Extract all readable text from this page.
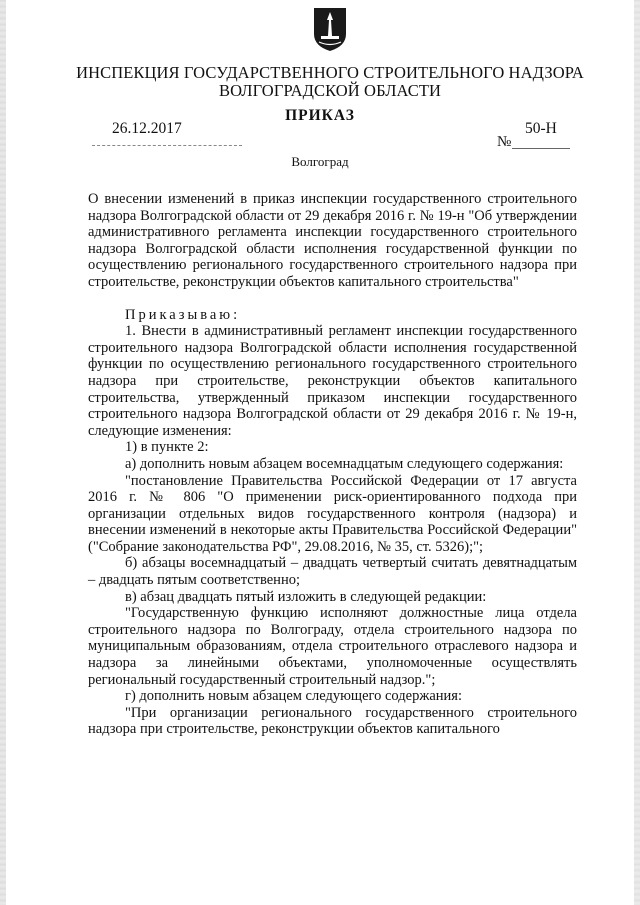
ИНСПЕКЦИЯ ГОСУДАРСТВЕННОГО СТРОИТЕЛЬНОГО НАДЗОРА
ВОЛГОГРАДСКОЙ ОБЛАСТИ
ПРИКАЗ
26.12.2017	50-Н
№
Волгоград

О внесении изменений в приказ инспекции государственного строительного надзора Волгоградской области от 29 декабря 2016 г. № 19-н "Об утверждении административного регламента инспекции государственного строительного надзора Волгоградской области исполнения государственной функции по осуществлению регионального государственного строительного надзора при строительстве, реконструкции объектов капитального строительства"

Приказываю:

1. Внести в административный регламент инспекции государственного строительного надзора Волгоградской области исполнения государственной функции по осуществлению регионального государственного строительного надзора при строительстве, реконструкции объектов капитального строительства, утвержденный приказом инспекции государственного строительного надзора Волгоградской области от 29 декабря 2016 г. № 19-н, следующие изменения:

1) в пункте 2:

а) дополнить новым абзацем восемнадцатым следующего содержания:

"постановление Правительства Российской Федерации от 17 августа 2016 г. № 806 "О применении риск-ориентированного подхода при организации отдельных видов государственного контроля (надзора) и внесении изменений в некоторые акты Правительства Российской Федерации" ("Собрание законодательства РФ", 29.08.2016, № 35, ст. 5326);";

б) абзацы восемнадцатый – двадцать четвертый считать девятнадцатым – двадцать пятым соответственно;

в) абзац двадцать пятый изложить в следующей редакции:

"Государственную функцию исполняют должностные лица отдела строительного надзора по Волгограду, отдела строительного надзора по муниципальным образованиям, отдела строительного отраслевого надзора и надзора за линейными объектами, уполномоченные осуществлять региональный государственный строительный надзор.";

г) дополнить новым абзацем следующего содержания:

"При организации регионального государственного строительного надзора при строительстве, реконструкции объектов капитального
